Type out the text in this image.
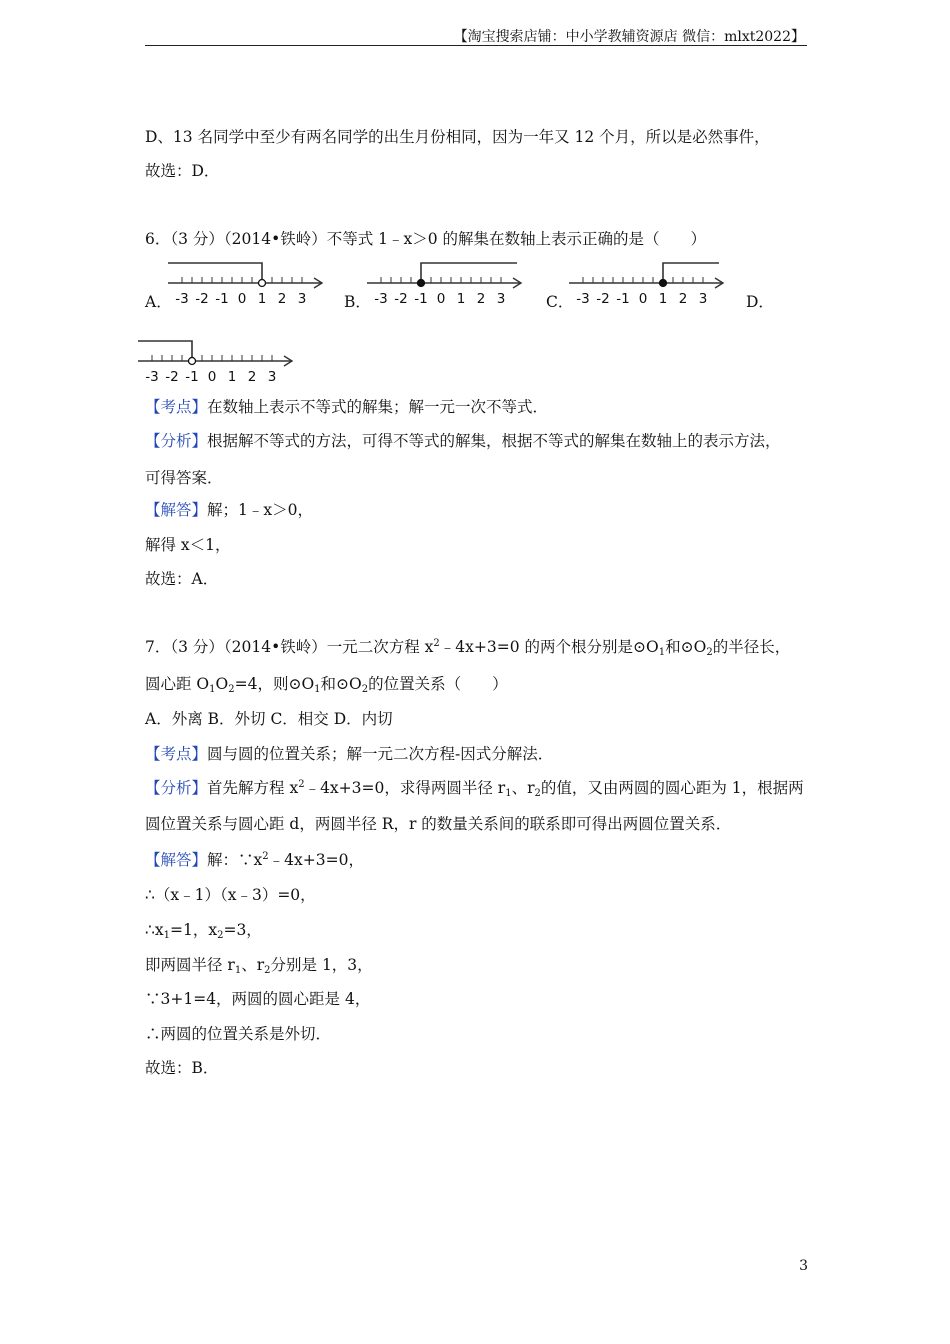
【淘宝搜索店铺：中小学教辅资源店 微信：mlxt2022】
D、13 名同学中至少有两名同学的出生月份相同，因为一年又 12 个月，所以是必然事件，
故选：D．
6．（3 分）（2014•铁岭）不等式 1﹣x＞0 的解集在数轴上表示正确的是（　　）
A． -3 -2 -1 0 1 2 3 B． -3 -2 -1 0 1 2 3	C． -3 -2 -1 0 1 2 3 D．
-3 -2 -1 0 1 2 3
【考点】在数轴上表示不等式的解集；解一元一次不等式．
【分析】根据解不等式的方法，可得不等式的解集，根据不等式的解集在数轴上的表示方法，
可得答案．
【解答】解；1﹣x＞0，
解得 x＜1，
故选：A．
7．（3 分）（2014•铁岭）一元二次方程 $x^2﹣4x+3=0$ 的两个根分别是$⊙O_1$和$⊙O_2$的半径长，
圆心距 $O_1O_2=4$，则$⊙O_1$和$⊙O_2$的位置关系（　　）
A．外离 B．外切 C．相交 D．内切
【考点】圆与圆的位置关系；解一元二次方程-因式分解法．
【分析】首先解方程 $x^2﹣4x+3=0$，求得两圆半径 $r_1$、$r_2$的值，又由两圆的圆心距为 1，根据两
圆位置关系与圆心距 d，两圆半径 R，r 的数量关系间的联系即可得出两圆位置关系．
【解答】解：$\because x^2﹣4x+3=0$，
∴（x﹣1）（x﹣3）=0，
$\therefore x_1=1$，$x_2=3$，
即两圆半径 $r_1$、$r_2$分别是 1，3，
∵3+1=4，两圆的圆心距是 4，
∴两圆的位置关系是外切．
故选：B．
3
